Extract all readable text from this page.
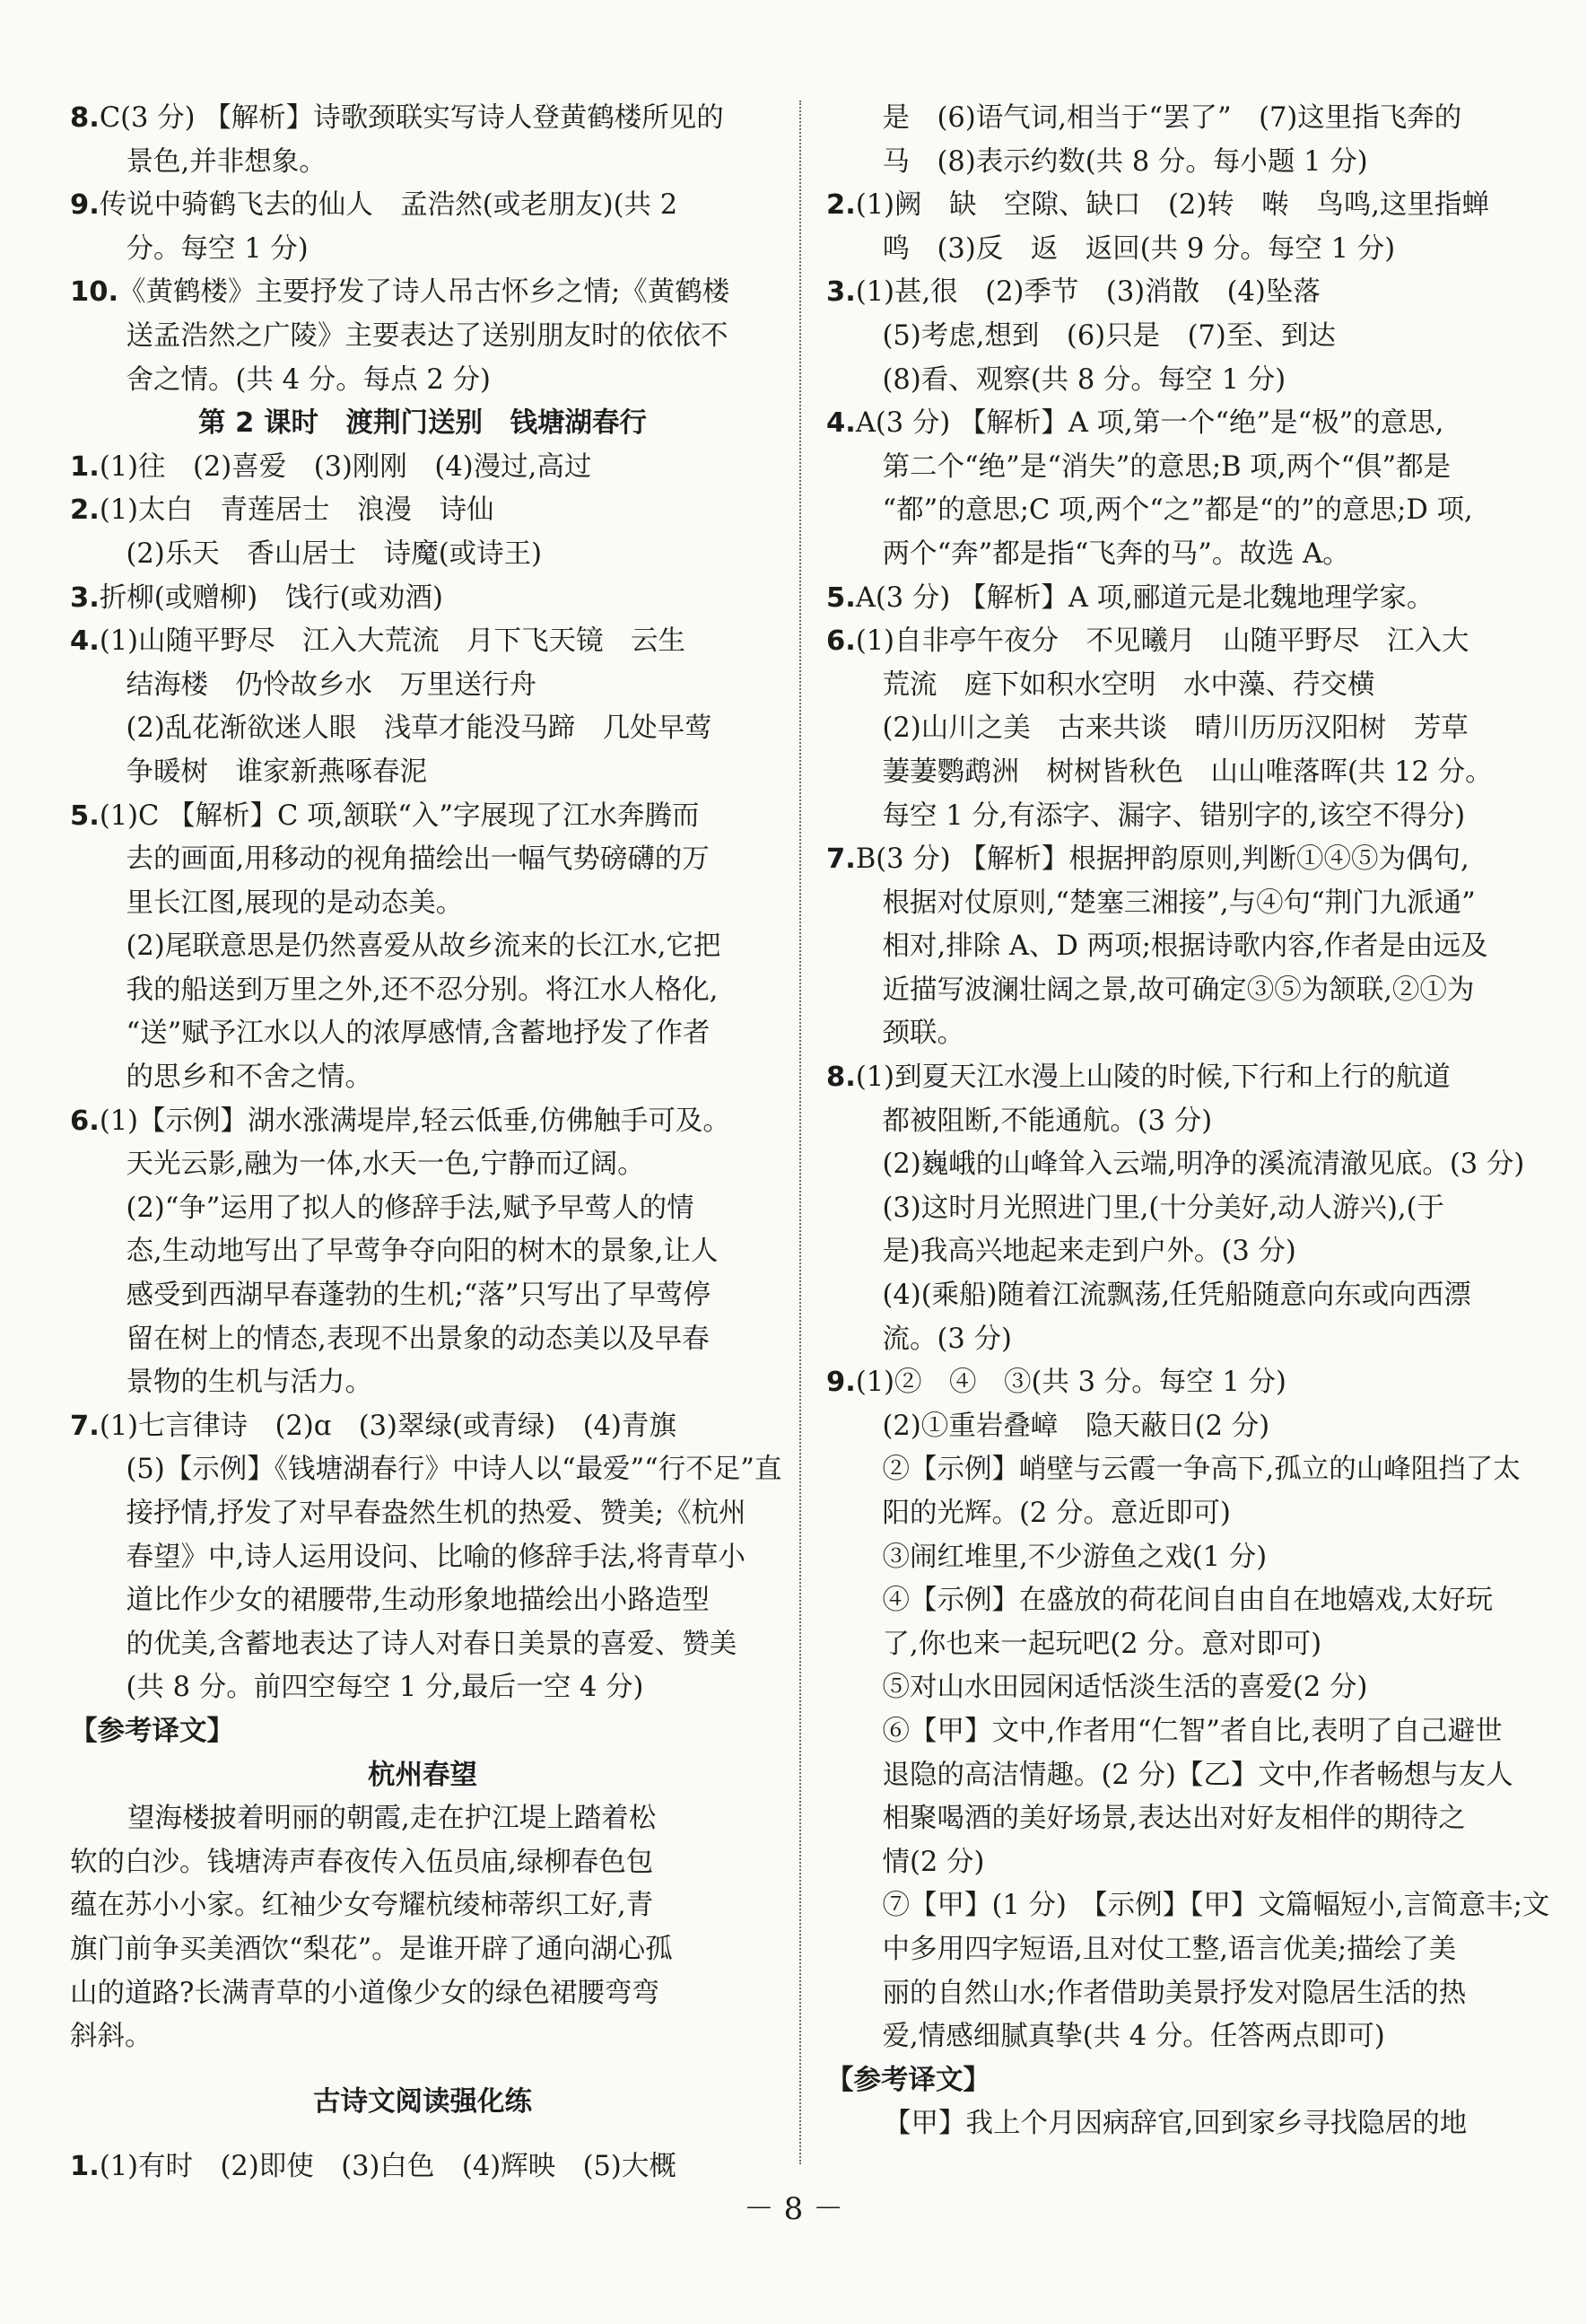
8.C(3 分) 【解析】诗歌颈联实写诗人登黄鹤楼所见的
景色,并非想象。
9.传说中骑鹤飞去的仙人　孟浩然(或老朋友)(共 2
分。每空 1 分)
10.《黄鹤楼》主要抒发了诗人吊古怀乡之情;《黄鹤楼
送孟浩然之广陵》主要表达了送别朋友时的依依不
舍之情。(共 4 分。每点 2 分)
第 2 课时　渡荆门送别　钱塘湖春行
1.(1)往　(2)喜爱　(3)刚刚　(4)漫过,高过
2.(1)太白　青莲居士　浪漫　诗仙
(2)乐天　香山居士　诗魔(或诗王)
3.折柳(或赠柳)　饯行(或劝酒)
4.(1)山随平野尽　江入大荒流　月下飞天镜　云生
结海楼　仍怜故乡水　万里送行舟
(2)乱花渐欲迷人眼　浅草才能没马蹄　几处早莺
争暖树　谁家新燕啄春泥
5.(1)C 【解析】C 项,颔联“入”字展现了江水奔腾而
去的画面,用移动的视角描绘出一幅气势磅礴的万
里长江图,展现的是动态美。
(2)尾联意思是仍然喜爱从故乡流来的长江水,它把
我的船送到万里之外,还不忍分别。将江水人格化,
“送”赋予江水以人的浓厚感情,含蓄地抒发了作者
的思乡和不舍之情。
6.(1)【示例】湖水涨满堤岸,轻云低垂,仿佛触手可及。
天光云影,融为一体,水天一色,宁静而辽阔。
(2)“争”运用了拟人的修辞手法,赋予早莺人的情
态,生动地写出了早莺争夺向阳的树木的景象,让人
感受到西湖早春蓬勃的生机;“落”只写出了早莺停
留在树上的情态,表现不出景象的动态美以及早春
景物的生机与活力。
7.(1)七言律诗　(2)ɑ　(3)翠绿(或青绿)　(4)青旗
(5)【示例】《钱塘湖春行》中诗人以“最爱”“行不足”直
接抒情,抒发了对早春盎然生机的热爱、赞美;《杭州
春望》中,诗人运用设问、比喻的修辞手法,将青草小
道比作少女的裙腰带,生动形象地描绘出小路造型
的优美,含蓄地表达了诗人对春日美景的喜爱、赞美
(共 8 分。前四空每空 1 分,最后一空 4 分)
【参考译文】
杭州春望
望海楼披着明丽的朝霞,走在护江堤上踏着松
软的白沙。钱塘涛声春夜传入伍员庙,绿柳春色包
蕴在苏小小家。红袖少女夸耀杭绫柿蒂织工好,青
旗门前争买美酒饮“梨花”。是谁开辟了通向湖心孤
山的道路?长满青草的小道像少女的绿色裙腰弯弯
斜斜。
古诗文阅读强化练
1.(1)有时　(2)即使　(3)白色　(4)辉映　(5)大概
是　(6)语气词,相当于“罢了”　(7)这里指飞奔的
马　(8)表示约数(共 8 分。每小题 1 分)
2.(1)阙　缺　空隙、缺口　(2)转　啭　鸟鸣,这里指蝉
鸣　(3)反　返　返回(共 9 分。每空 1 分)
3.(1)甚,很　(2)季节　(3)消散　(4)坠落
(5)考虑,想到　(6)只是　(7)至、到达
(8)看、观察(共 8 分。每空 1 分)
4.A(3 分) 【解析】A 项,第一个“绝”是“极”的意思,
第二个“绝”是“消失”的意思;B 项,两个“俱”都是
“都”的意思;C 项,两个“之”都是“的”的意思;D 项,
两个“奔”都是指“飞奔的马”。故选 A。
5.A(3 分) 【解析】A 项,郦道元是北魏地理学家。
6.(1)自非亭午夜分　不见曦月　山随平野尽　江入大
荒流　庭下如积水空明　水中藻、荇交横
(2)山川之美　古来共谈　晴川历历汉阳树　芳草
萋萋鹦鹉洲　树树皆秋色　山山唯落晖(共 12 分。
每空 1 分,有添字、漏字、错别字的,该空不得分)
7.B(3 分) 【解析】根据押韵原则,判断①④⑤为偶句,
根据对仗原则,“楚塞三湘接”,与④句“荆门九派通”
相对,排除 A、D 两项;根据诗歌内容,作者是由远及
近描写波澜壮阔之景,故可确定③⑤为颔联,②①为
颈联。
8.(1)到夏天江水漫上山陵的时候,下行和上行的航道
都被阻断,不能通航。(3 分)
(2)巍峨的山峰耸入云端,明净的溪流清澈见底。(3 分)
(3)这时月光照进门里,(十分美好,动人游兴),(于
是)我高兴地起来走到户外。(3 分)
(4)(乘船)随着江流飘荡,任凭船随意向东或向西漂
流。(3 分)
9.(1)②　④　③(共 3 分。每空 1 分)
(2)①重岩叠嶂　隐天蔽日(2 分)
②【示例】峭壁与云霞一争高下,孤立的山峰阻挡了太
阳的光辉。(2 分。意近即可)
③闹红堆里,不少游鱼之戏(1 分)
④【示例】在盛放的荷花间自由自在地嬉戏,太好玩
了,你也来一起玩吧(2 分。意对即可)
⑤对山水田园闲适恬淡生活的喜爱(2 分)
⑥【甲】文中,作者用“仁智”者自比,表明了自己避世
退隐的高洁情趣。(2 分)【乙】文中,作者畅想与友人
相聚喝酒的美好场景,表达出对好友相伴的期待之
情(2 分)
⑦【甲】(1 分)　【示例】【甲】文篇幅短小,言简意丰;文
中多用四字短语,且对仗工整,语言优美;描绘了美
丽的自然山水;作者借助美景抒发对隐居生活的热
爱,情感细腻真挚(共 4 分。任答两点即可)
【参考译文】
【甲】我上个月因病辞官,回到家乡寻找隐居的地
－ 8 －
